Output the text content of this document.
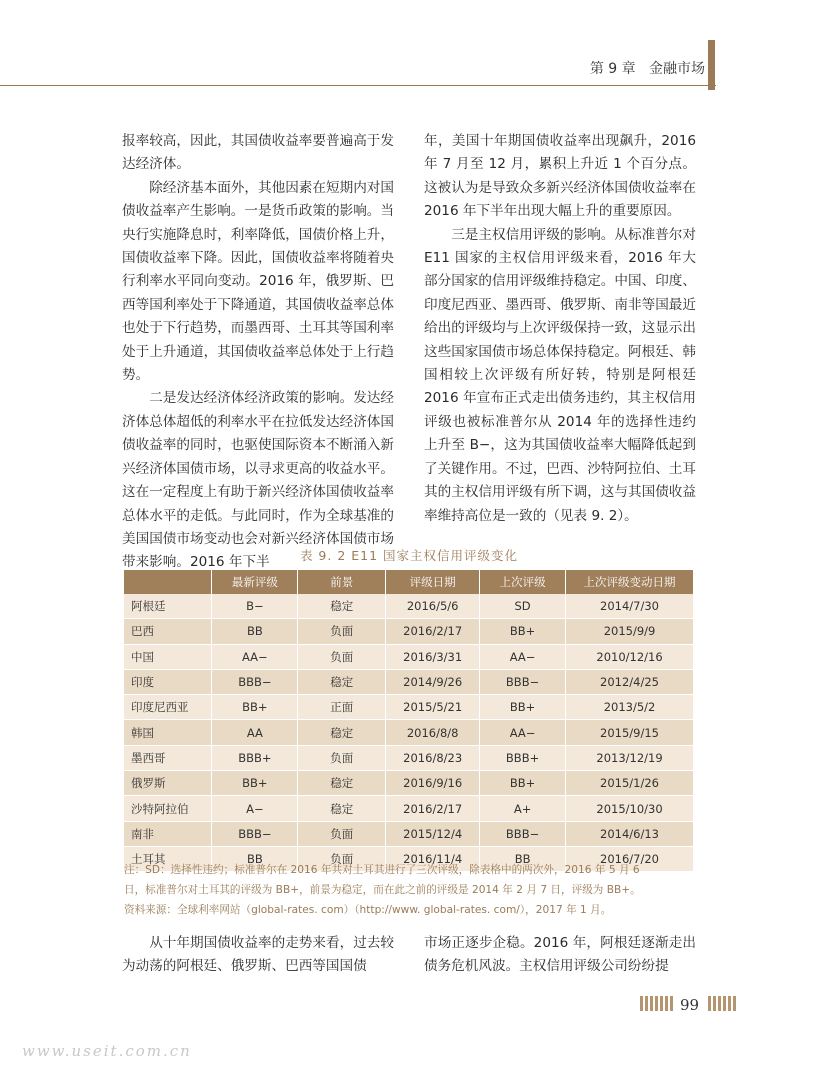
第 9 章 金融市场

报率较高，因此，其国债收益率要普遍高于发达经济体。

除经济基本面外，其他因素在短期内对国债收益率产生影响。一是货币政策的影响。当央行实施降息时，利率降低，国债价格上升，国债收益率下降。因此，国债收益率将随着央行利率水平同向变动。2016 年，俄罗斯、巴西等国利率处于下降通道，其国债收益率总体也处于下行趋势，而墨西哥、土耳其等国利率处于上升通道，其国债收益率总体处于上行趋势。

二是发达经济体经济政策的影响。发达经济体总体超低的利率水平在拉低发达经济体国债收益率的同时，也驱使国际资本不断涌入新兴经济体国债市场，以寻求更高的收益水平。这在一定程度上有助于新兴经济体国债收益率总体水平的走低。与此同时，作为全球基准的美国国债市场变动也会对新兴经济体国债市场带来影响。2016 年下半

年，美国十年期国债收益率出现飙升，2016 年 7 月至 12 月，累积上升近 1 个百分点。这被认为是导致众多新兴经济体国债收益率在 2016 年下半年出现大幅上升的重要原因。

三是主权信用评级的影响。从标准普尔对 E11 国家的主权信用评级来看，2016 年大部分国家的信用评级维持稳定。中国、印度、印度尼西亚、墨西哥、俄罗斯、南非等国最近给出的评级均与上次评级保持一致，这显示出这些国家国债市场总体保持稳定。阿根廷、韩国相较上次评级有所好转，特别是阿根廷 2016 年宣布正式走出债务违约，其主权信用评级也被标准普尔从 2014 年的选择性违约上升至 B−，这为其国债收益率大幅降低起到了关键作用。不过，巴西、沙特阿拉伯、土耳其的主权信用评级有所下调，这与其国债收益率维持高位是一致的（见表 9. 2）。

表 9. 2 E11 国家主权信用评级变化
	最新评级	前景	评级日期	上次评级	上次评级变动日期
阿根廷	B−	稳定	2016/5/6	SD	2014/7/30
巴西	BB	负面	2016/2/17	BB+	2015/9/9
中国	AA−	负面	2016/3/31	AA−	2010/12/16
印度	BBB−	稳定	2014/9/26	BBB−	2012/4/25
印度尼西亚	BB+	正面	2015/5/21	BB+	2013/5/2
韩国	AA	稳定	2016/8/8	AA−	2015/9/15
墨西哥	BBB+	负面	2016/8/23	BBB+	2013/12/19
俄罗斯	BB+	稳定	2016/9/16	BB+	2015/1/26
沙特阿拉伯	A−	稳定	2016/2/17	A+	2015/10/30
南非	BBB−	负面	2015/12/4	BBB−	2014/6/13
土耳其	BB	负面	2016/11/4	BB	2016/7/20
注：SD：选择性违约；标准普尔在 2016 年共对土耳其进行了三次评级，除表格中的两次外，2016 年 5 月 6
日，标准普尔对土耳其的评级为 BB+，前景为稳定，而在此之前的评级是 2014 年 2 月 7 日，评级为 BB+。
资料来源：全球利率网站（global-rates. com）（http://www. global-rates. com/），2017 年 1 月。

从十年期国债收益率的走势来看，过去较为动荡的阿根廷、俄罗斯、巴西等国国债

市场正逐步企稳。2016 年，阿根廷逐渐走出债务危机风波。主权信用评级公司纷纷提

99
www.useit.com.cn
